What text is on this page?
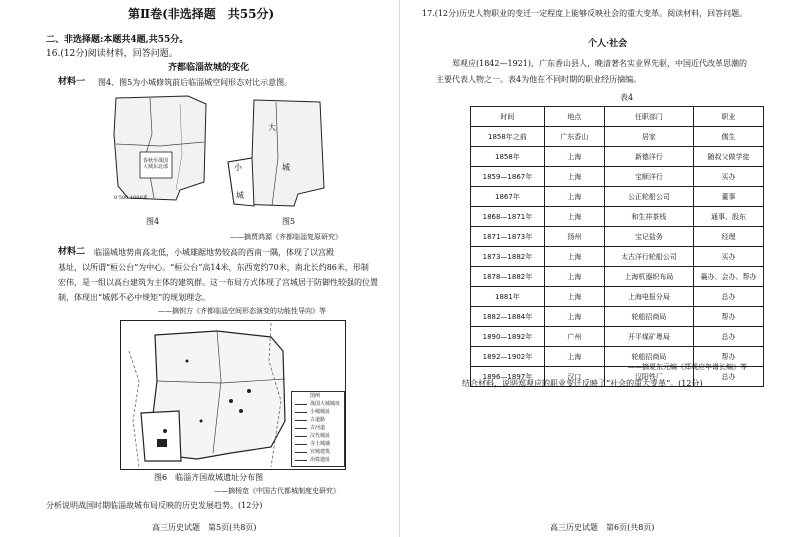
第Ⅱ卷(非选择题　共55分)
二、非选择题:本题共4题,共55分。
16.(12分)阅读材料，回答问题。
齐都临淄故城的变化
材料一 图4、图5为小城修筑前后临淄城空间形态对比示意图。
春秋至战国
大城东北部
0 500 1000米
图4
大
城
小
城
图5
——摘贾鸿源《齐都临淄复原研究》
材料二 临淄城地势南高北低，小城雄踞地势较高的西南一隅，体现了以宫殿
基址，以所谓“桓公台”为中心。“桓公台”高14米，东西宽约70米，南北长约86米，形制
宏伟，是一组以高台建筑为主体的建筑群。这一布局方式体现了宫城居于防御性较强的位置
制，体现出“城郭不必中规矩”的规划理念。
——摘钥方《齐都临淄空间形态演变的功能性导向》等
图例
战国大城城址
小城城址
古道路
古河道
汉代城址
夯土城墙
宫城建筑
冶铁遗址
图6　临淄齐国故城遗址分布图
——摘杨宽《中国古代都城制度史研究》
分析说明战国时期临淄故城布局反映的历史发展趋势。(12分)
高三历史试题　第5页(共8页)
17.(12分)历史人物职业的变迁一定程度上能够反映社会的重大变革。阅读材料，回答问题。
个人·社会
郑观应(1842—1921)，广东香山县人，晚清著名实业界先驱，中国近代改革思潮的
主要代表人物之一。表4为他在不同时期的职业经历摘编。
表4
时间	地点	任职部门	职业
1858年之前	广东香山	居家	儒生
1858年	上海	新德洋行	随叔父做学徒
1859—1867年	上海	宝顺洋行	买办
1867年	上海	公正轮船公司	董事
1868—1871年	上海	和生祥茶栈	通事、股东
1871—1873年	扬州	宝记盐务	经理
1873—1882年	上海	太古洋行轮船公司	买办
1878—1882年	上海	上海机器织布局	襄办、会办、帮办
1881年	上海	上海电报分局	总办
1882—1884年	上海	轮船招商局	帮办
1890—1892年	广州	开平煤矿粤局	总办
1892—1902年	上海	轮船招商局	帮办
1896—1897年	汉口	汉阳铁厂	总办
——摘夏东元编《郑观应年谱长编》等
结合材料，说明郑观应的职业变迁反映了“社会的重大变革”。(12分)
高三历史试题　第6页(共8页)
